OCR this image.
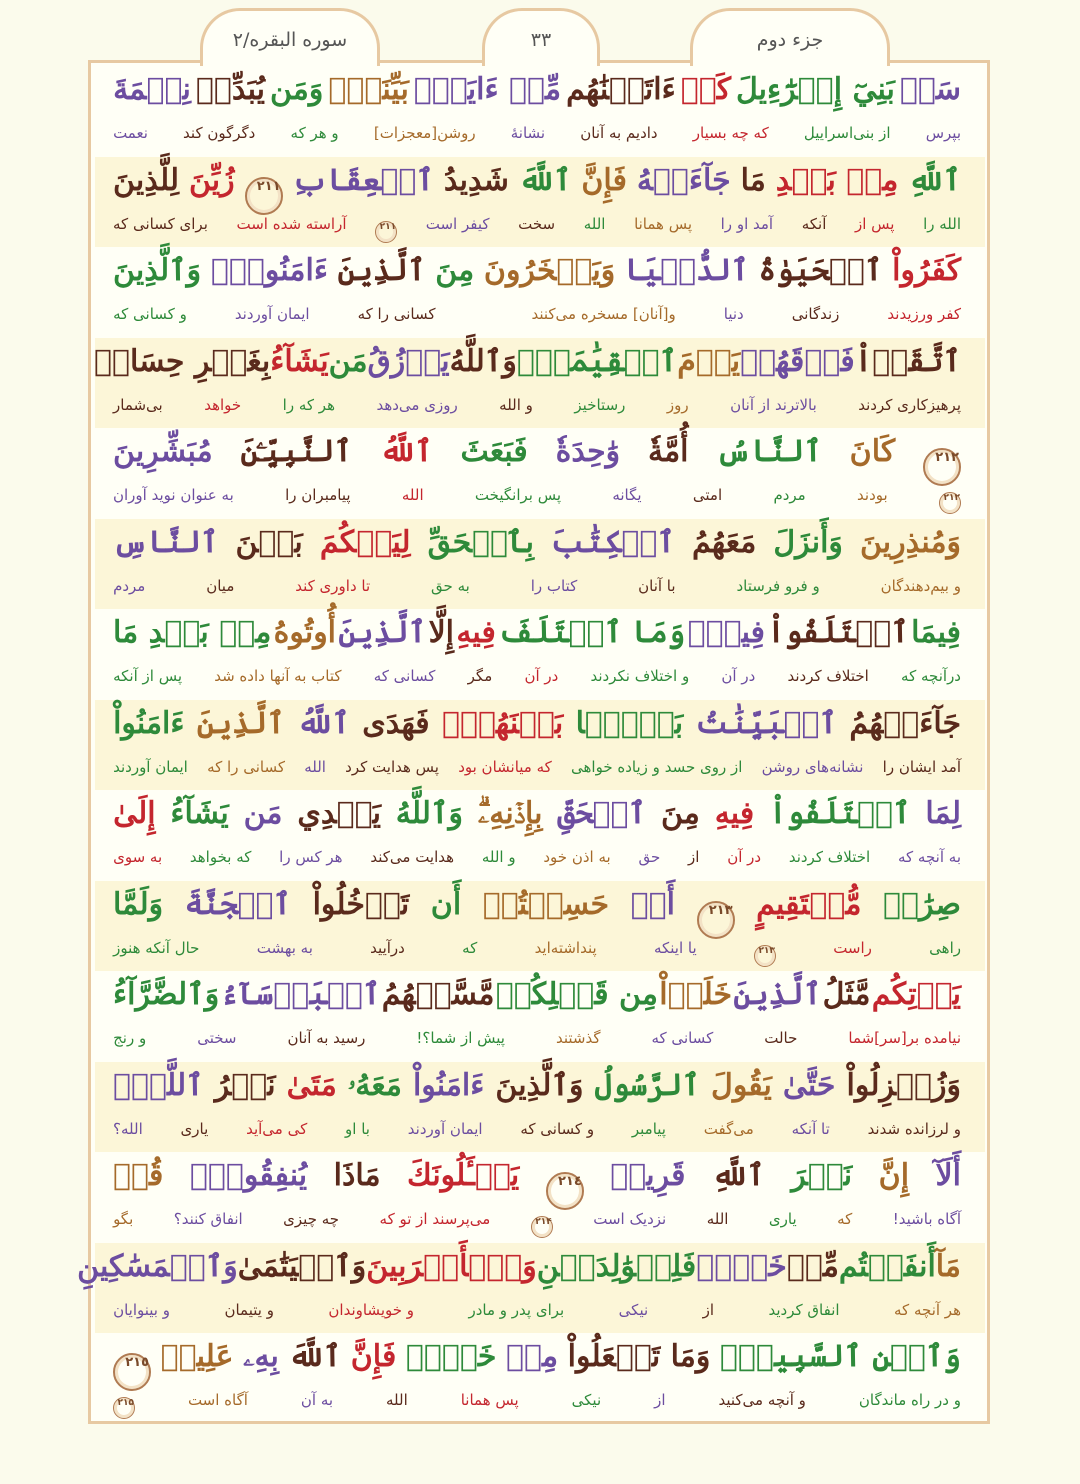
سوره البقره/۲	۳۳	جزء دوم
سَلۡ
بَنِيٓ إِسۡرَٰٓءِيلَ
كَمۡ
ءَاتَيۡنَٰهُم
مِّنۡ ءَايَةِۭ
بَيِّنَةٖۗ
وَمَن
يُبَدِّلۡ
نِعۡمَةَ
بپرس
از بنی‌اسراییل
که چه بسیار
دادیم به آنان
نشانهٔ
روشن[معجزات]
و هر که
دگرگون کند
نعمت
ٱللَّهِ
مِنۢ بَعۡدِ
مَا
جَآءَتۡهُ
فَإِنَّ
ٱللَّهَ
شَدِيدُ
ٱلۡعِقَابِ
٢١١
زُيِّنَ
لِلَّذِينَ
الله را
پس از
آنکه
آمد او را
پس همانا
الله
سخت
کیفر است
۲۱۱
آراسته شده است
برای کسانی که
كَفَرُواْ
ٱلۡحَيَوٰةُ
ٱلدُّنۡيَا
وَيَسۡخَرُونَ
مِنَ
ٱلَّذِينَ
ءَامَنُواْۘ
وَٱلَّذِينَ
کفر ورزیدند
زندگانی
دنیا
و[آنان] مسخره می‌کنند
کسانی را که
ایمان آوردند
و کسانی که
ٱتَّقَوۡاْ
فَوۡقَهُمۡ
يَوۡمَ
ٱلۡقِيَٰمَةِۗ
وَٱللَّهُ
يَرۡزُقُ
مَن
يَشَآءُ
بِغَيۡرِ حِسَابٖ
پرهیزکاری کردند
بالاترند از آنان
روز
رستاخیز
و الله
روزی می‌دهد
هر که را
خواهد
بی‌شمار
٢١٢
كَانَ
ٱلنَّاسُ
أُمَّةٗ
وَٰحِدَةٗ
فَبَعَثَ
ٱللَّهُ
ٱلنَّبِيِّـۧنَ
مُبَشِّرِينَ
۲۱۲
بودند
مردم
امتی
یگانه
پس برانگیخت
الله
پیامبران را
به عنوان نوید آوران
وَمُنذِرِينَ
وَأَنزَلَ
مَعَهُمُ
ٱلۡكِتَٰبَ
بِٱلۡحَقِّ
لِيَحۡكُمَ
بَيۡنَ
ٱلنَّاسِ
و بیم‌دهندگان
و فرو فرستاد
با آنان
کتاب را
به حق
تا داوری کند
میان
مردم
فِيمَا
ٱخۡتَلَفُواْ
فِيهِۚ
وَمَا ٱخۡتَلَفَ
فِيهِ
إِلَّا
ٱلَّذِينَ
أُوتُوهُ
مِنۢ بَعۡدِ مَا
درآنچه که
اختلاف کردند
در آن
و اختلاف نکردند
در آن
مگر
کسانی که
کتاب به آنها داده شد
پس از آنکه
جَآءَتۡهُمُ
ٱلۡبَيِّنَٰتُ
بَغۡيَۢا
بَيۡنَهُمۡۖ
فَهَدَى
ٱللَّهُ
ٱلَّذِينَ
ءَامَنُواْ
آمد ایشان را
نشانه‌های روشن
از روی حسد و زیاده خواهی
که میانشان بود
پس هدایت کرد
الله
کسانی را که
ایمان آوردند
لِمَا
ٱخۡتَلَفُواْ
فِيهِ
مِنَ
ٱلۡحَقِّ
بِإِذۡنِهِۦۗ
وَٱللَّهُ
يَهۡدِي
مَن
يَشَآءُ
إِلَىٰ
به آنچه که
اختلاف کردند
در آن
از
حق
به اذن خود
و الله
هدایت می‌کند
هر کس را
که بخواهد
به سوی
صِرَٰطٖ
مُّسۡتَقِيمٍ
٢١٣
أَمۡ
حَسِبۡتُمۡ
أَن
تَدۡخُلُواْ
ٱلۡجَنَّةَ
وَلَمَّا
راهی
راست
۲۱۳
یا اینکه
پنداشته‌اید
که
درآیید
به بهشت
حال آنکه هنوز
يَأۡتِكُم
مَّثَلُ
ٱلَّذِينَ
خَلَوۡاْ
مِن قَبۡلِكُمۖ
مَّسَّتۡهُمُ
ٱلۡبَأۡسَآءُ
وَٱلضَّرَّآءُ
نیامده بر[سر]شما
حالت
کسانی که
گذشتند
پیش از شما؟!
رسید به آنان
سختی
و رنج
وَزُلۡزِلُواْ
حَتَّىٰ
يَقُولَ
ٱلرَّسُولُ
وَٱلَّذِينَ
ءَامَنُواْ
مَعَهُۥ
مَتَىٰ
نَصۡرُ
ٱللَّهِۗ
و لرزانده شدند
تا آنکه
می‌گفت
پیامبر
و کسانی که
ایمان آوردند
با او
کی می‌آید
یاری
الله؟
أَلَآ
إِنَّ
نَصۡرَ
ٱللَّهِ
قَرِيبٞ
٢١٤
يَسۡـَٔلُونَكَ
مَاذَا
يُنفِقُونَۖ
قُلۡ
آگاه باشید!
که
یاری
الله
نزدیک است
۲۱۴
می‌پرسند از تو که
چه چیزی
انفاق کنند؟
بگو
مَآ
أَنفَقۡتُم
مِّنۡ
خَيۡرٖ
فَلِلۡوَٰلِدَيۡنِ
وَٱلۡأَقۡرَبِينَ
وَٱلۡيَتَٰمَىٰ
وَٱلۡمَسَٰكِينِ
هر آنچه که
انفاق کردید
از
نیکی
برای پدر و مادر
و خویشاوندان
و یتیمان
و بینوایان
وَٱبۡنِ ٱلسَّبِيلِۗ
وَمَا تَفۡعَلُواْ
مِنۡ
خَيۡرٖ
فَإِنَّ
ٱللَّهَ
بِهِۦ
عَلِيمٞ
٢١٥
و در راه ماندگان
و آنچه می‌کنید
از
نیکی
پس همانا
الله
به آن
آگاه است
۲۱۵
